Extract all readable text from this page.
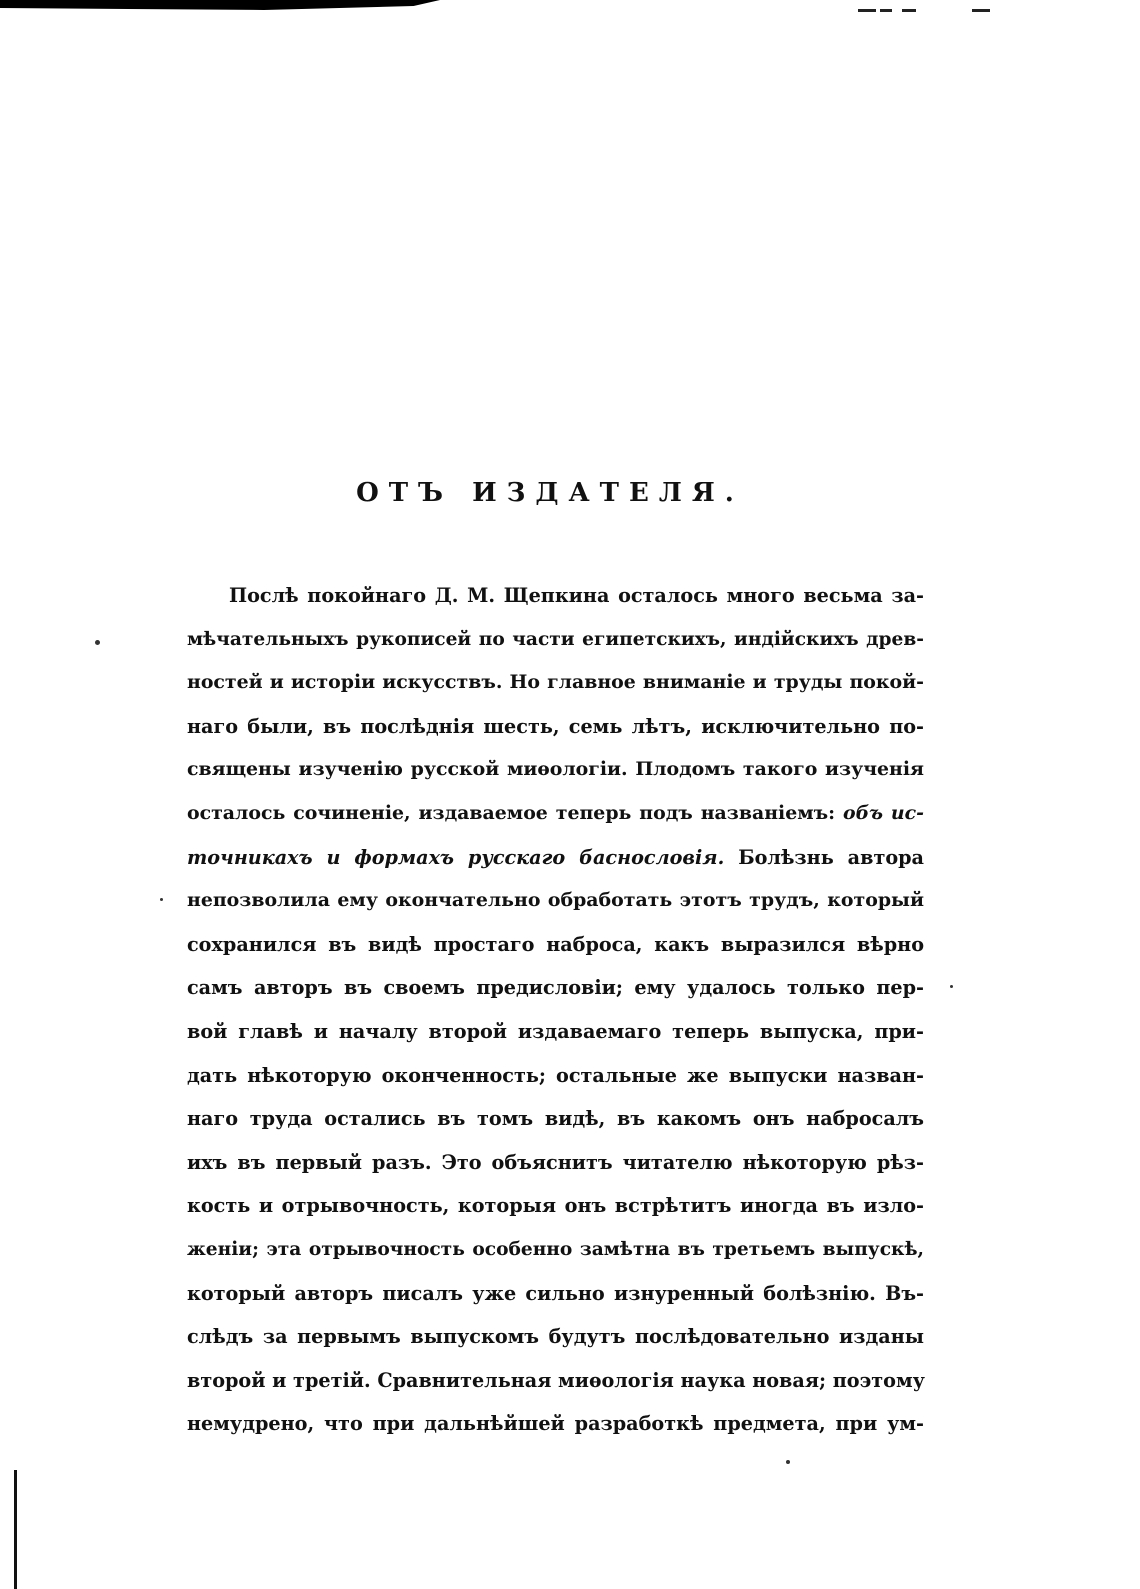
ОТЪ ИЗДАТЕЛЯ.
Послѣ покойнаго Д. М. Щепкина осталось много весьма за-
мѣчательныхъ рукописей по части египетскихъ, индійскихъ древ-
ностей и исторіи искусствъ. Но главное вниманіе и труды покой-
наго были, въ послѣднія шесть, семь лѣтъ, исключительно по-
священы изученію русской миѳологіи. Плодомъ такого изученія
осталось сочиненіе, издаваемое теперь подъ названіемъ: объ ис-
точникахъ и формахъ русскаго баснословія. Болѣзнь автора
непозволила ему окончательно обработать этотъ трудъ, который
сохранился въ видѣ простаго наброса, какъ выразился вѣрно
самъ авторъ въ своемъ предисловіи; ему удалось только пер-
вой главѣ и началу второй издаваемаго теперь выпуска, при-
дать нѣкоторую оконченность; остальные же выпуски назван-
наго труда остались въ томъ видѣ, въ какомъ онъ набросалъ
ихъ въ первый разъ. Это объяснитъ читателю нѣкоторую рѣз-
кость и отрывочность, которыя онъ встрѣтитъ иногда въ изло-
женіи; эта отрывочность особенно замѣтна въ третьемъ выпускѣ,
который авторъ писалъ уже сильно изнуренный болѣзнію. Въ-
слѣдъ за первымъ выпускомъ будутъ послѣдовательно изданы
второй и третій. Сравнительная миѳологія наука новая; поэтому
немудрено, что при дальнѣйшей разработкѣ предмета, при ум-
